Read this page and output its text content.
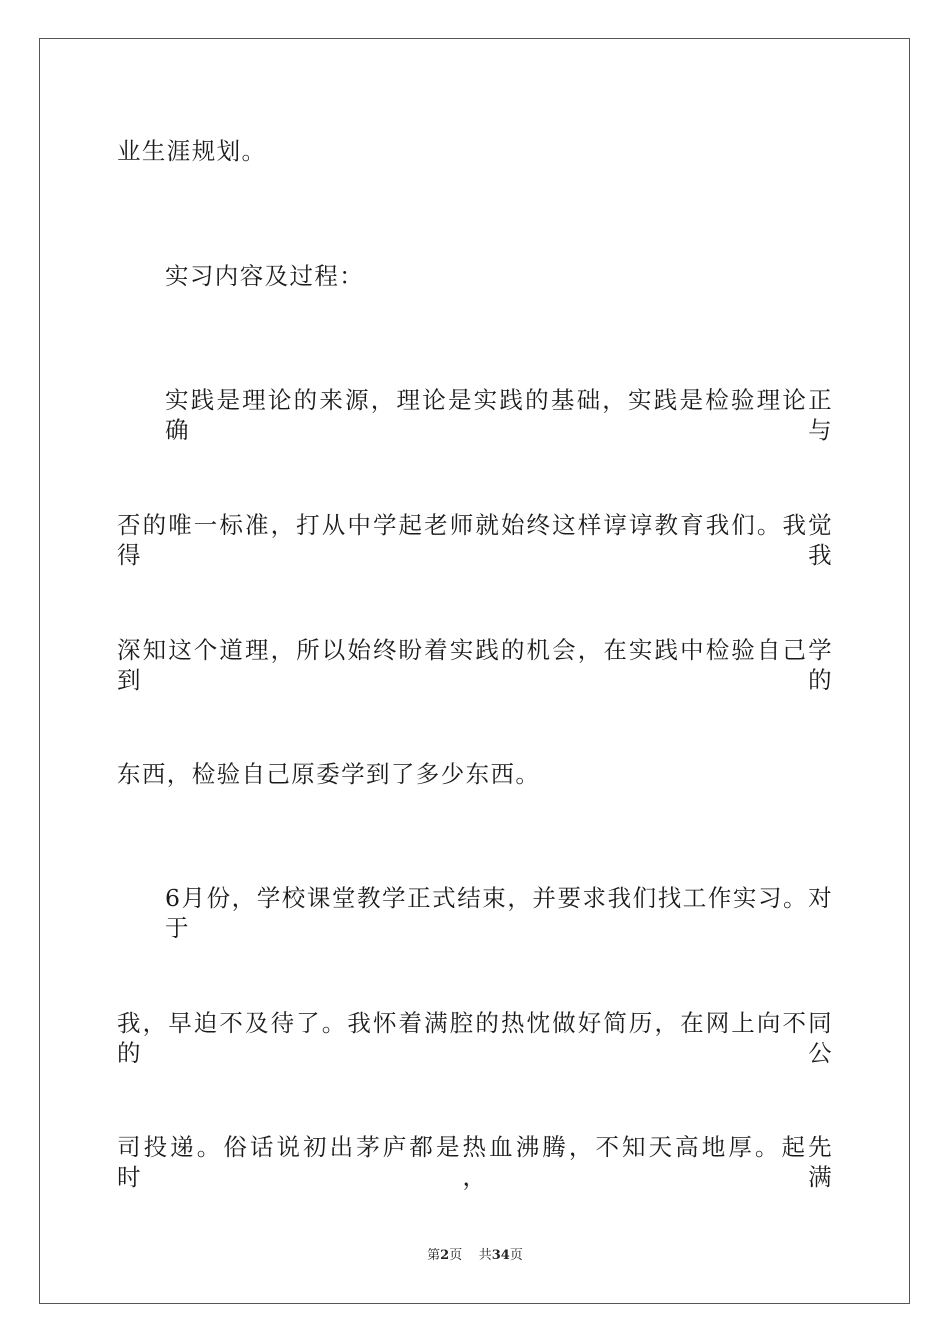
业生涯规划。
实习内容及过程：
实践是理论的来源，理论是实践的基础，实践是检验理论正确与
否的唯一标准，打从中学起老师就始终这样谆谆教育我们。我觉得我
深知这个道理，所以始终盼着实践的机会，在实践中检验自己学到的
东西，检验自己原委学到了多少东西。
6月份，学校课堂教学正式结束，并要求我们找工作实习。对于
我，早迫不及待了。我怀着满腔的热忱做好简历，在网上向不同的公
司投递。俗话说初出茅庐都是热血沸腾，不知天高地厚。起先时，满
第2页 共34页
